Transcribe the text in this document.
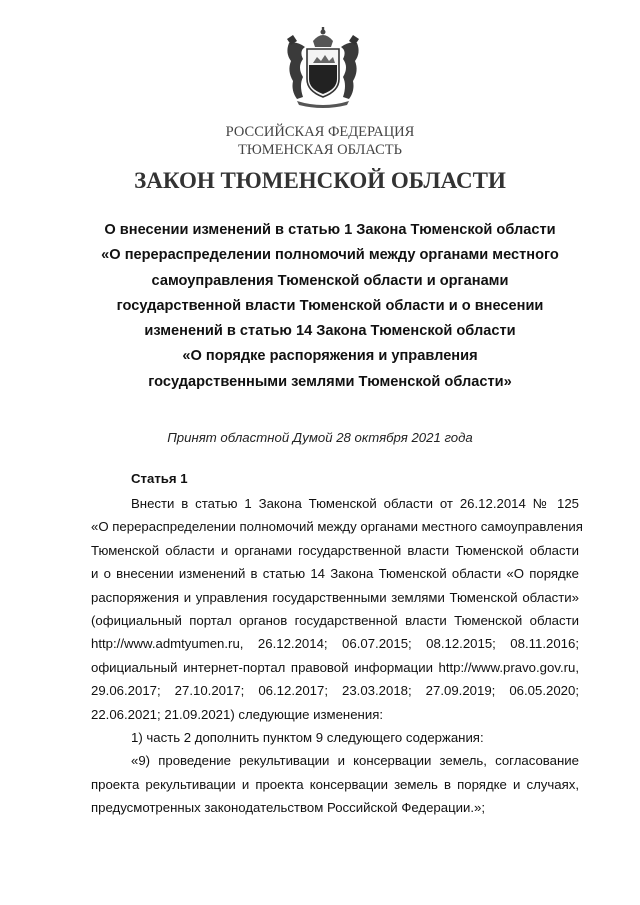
РОССИЙСКАЯ ФЕДЕРАЦИЯ
ТЮМЕНСКАЯ ОБЛАСТЬ
ЗАКОН ТЮМЕНСКОЙ ОБЛАСТИ
О внесении изменений в статью 1 Закона Тюменской области
«О перераспределении полномочий между органами местного
самоуправления Тюменской области и органами
государственной власти Тюменской области и о внесении
изменений в статью 14 Закона Тюменской области
«О порядке распоряжения и управления
государственными землями Тюменской области»
Принят областной Думой 28 октября 2021 года
Статья 1
Внести в статью 1 Закона Тюменской области от 26.12.2014 № 125
«О перераспределении полномочий между органами местного самоуправления
Тюменской области и органами государственной власти Тюменской области
и о внесении изменений в статью 14 Закона Тюменской области «О порядке
распоряжения и управления государственными землями Тюменской области»
(официальный портал органов государственной власти Тюменской области
http://www.admtyumen.ru, 26.12.2014; 06.07.2015; 08.12.2015; 08.11.2016;
официальный интернет-портал правовой информации http://www.pravo.gov.ru,
29.06.2017; 27.10.2017; 06.12.2017; 23.03.2018; 27.09.2019; 06.05.2020;
22.06.2021; 21.09.2021) следующие изменения:
1) часть 2 дополнить пунктом 9 следующего содержания:
«9) проведение рекультивации и консервации земель, согласование
проекта рекультивации и проекта консервации земель в порядке и случаях,
предусмотренных законодательством Российской Федерации.»;
